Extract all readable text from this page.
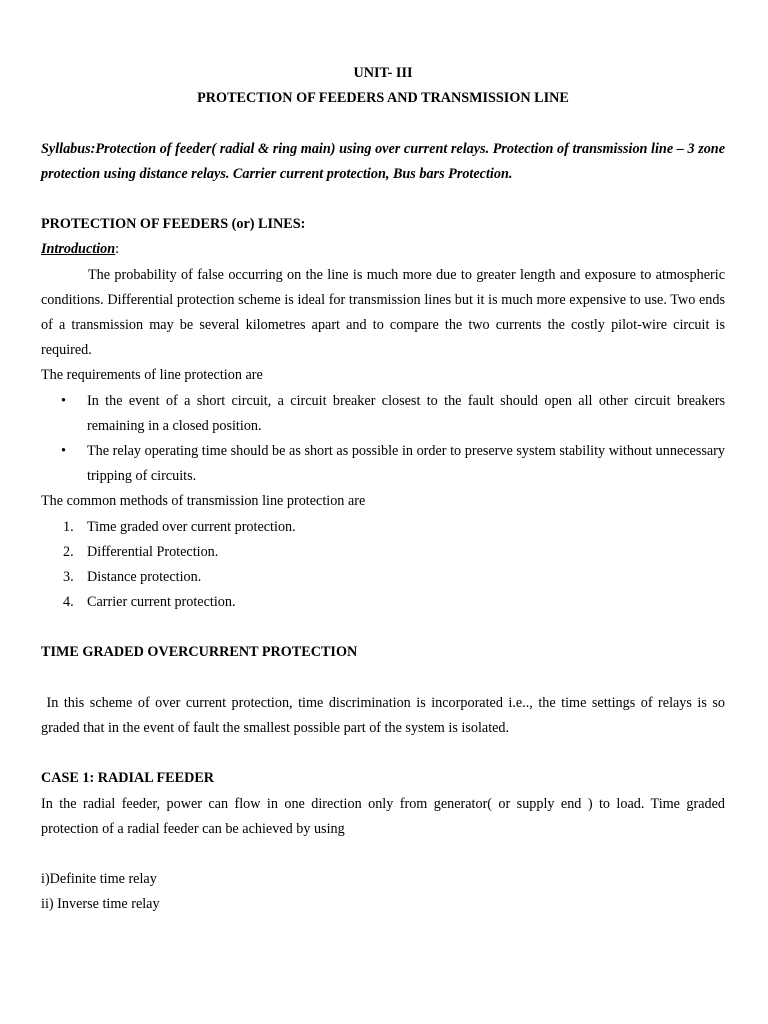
UNIT- III
PROTECTION OF FEEDERS AND TRANSMISSION LINE
Syllabus:Protection of feeder( radial & ring main) using over current relays. Protection of transmission line – 3 zone protection using distance relays. Carrier current protection, Bus bars Protection.
PROTECTION OF FEEDERS (or) LINES:
Introduction:
The probability of false occurring on the line is much more due to greater length and exposure to atmospheric conditions. Differential protection scheme is ideal for transmission lines but it is much more expensive to use. Two ends of a transmission may be several kilometres apart and to compare the two currents the costly pilot-wire circuit is required.
The requirements of line protection are
• In the event of a short circuit, a circuit breaker closest to the fault should open all other circuit breakers remaining in a closed position.
• The relay operating time should be as short as possible in order to preserve system stability without unnecessary tripping of circuits.
The common methods of transmission line protection are
1. Time graded over current protection.
2. Differential Protection.
3. Distance protection.
4. Carrier current protection.
TIME GRADED OVERCURRENT PROTECTION
In this scheme of over current protection, time discrimination is incorporated i.e.., the time settings of relays is so graded that in the event of fault the smallest possible part of the system is isolated.
CASE 1: RADIAL FEEDER
In the radial feeder, power can flow in one direction only from generator( or supply end ) to load. Time graded protection of a radial feeder can be achieved by using
i)Definite time relay
ii) Inverse time relay
